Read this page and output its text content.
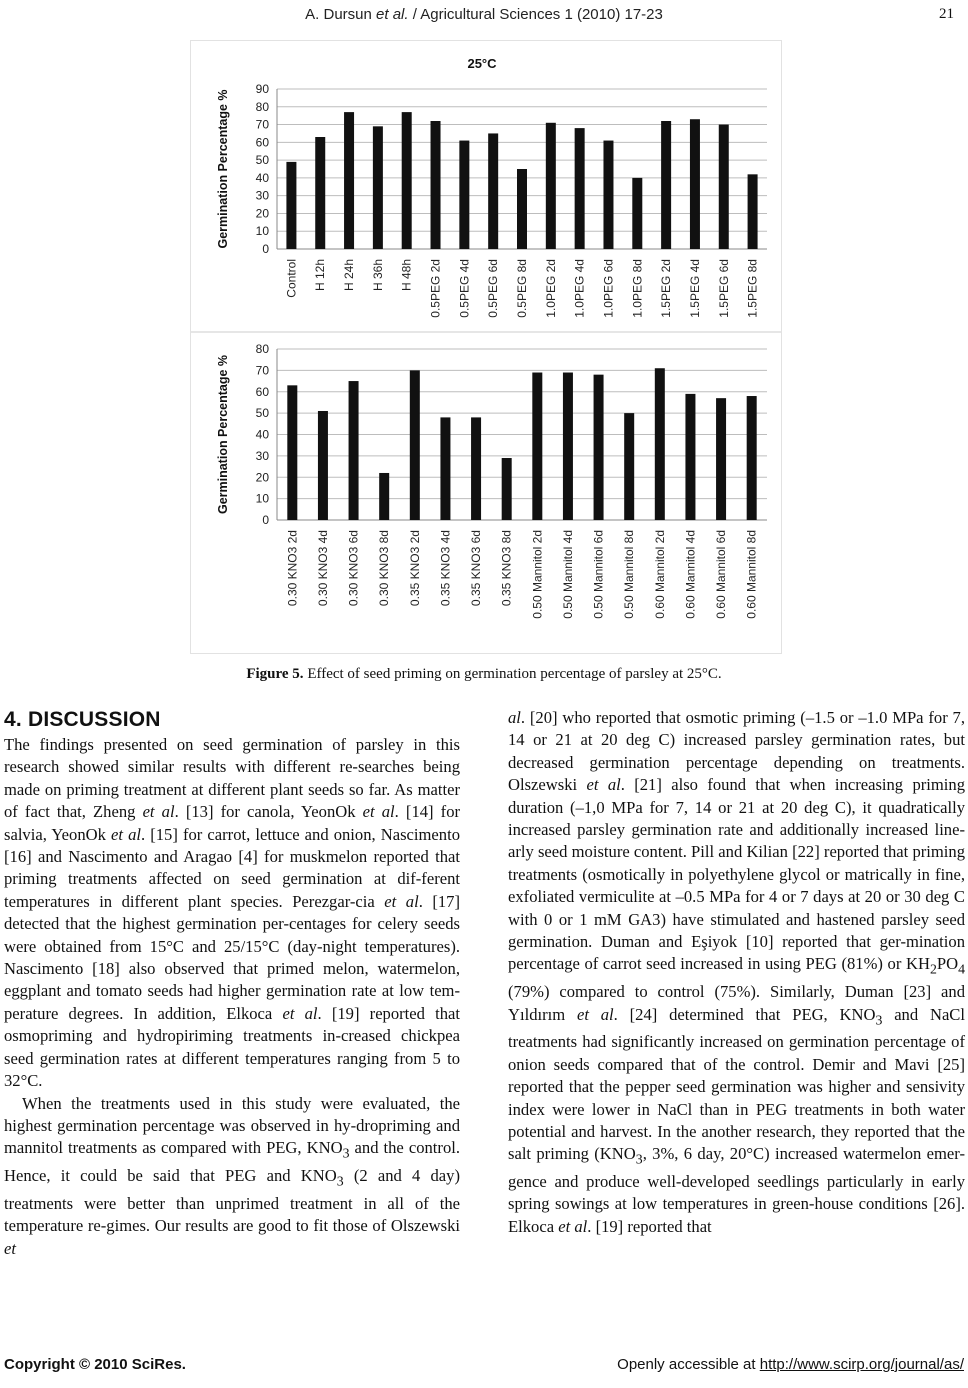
A. Dursun et al. / Agricultural Sciences 1 (2010) 17-23	21
0
10
20
30
40
50
60
70
80
90
25°C
Germination Percentage %
Control H 12h H 24h H 36h H 48h 0.5PEG 2d 0.5PEG 4d 0.5PEG 6d 0.5PEG 8d 1.0PEG 2d 1.0PEG 4d 1.0PEG 6d 1.0PEG 8d 1.5PEG 2d 1.5PEG 4d 1.5PEG 6d 1.5PEG 8d
0
10
20
30
40
50
60
70
80
Germination Percentage %
0.30 KNO3 2d 0.30 KNO3 4d 0.30 KNO3 6d 0.30 KNO3 8d 0.35 KNO3 2d 0.35 KNO3 4d 0.35 KNO3 6d 0.35 KNO3 8d 0.50 Mannitol 2d 0.50 Mannitol 4d 0.50 Mannitol 6d 0.50 Mannitol 8d 0.60 Mannitol 2d 0.60 Mannitol 4d 0.60 Mannitol 6d 0.60 Mannitol 8d
Figure 5. Effect of seed priming on germination percentage of parsley at 25°C.
4. DISCUSSION

The findings presented on seed germination of parsley in this research showed similar results with different re-searches being made on priming treatment at different plant seeds so far. As matter of fact that, Zheng et al. [13] for canola, YeonOk et al. [14] for salvia, YeonOk et al. [15] for carrot, lettuce and onion, Nascimento [16] and Nascimento and Aragao [4] for muskmelon reported that priming treatments affected on seed germination at dif-ferent temperatures in different plant species. Perezgar-cia et al. [17] detected that the highest germination per-centages for celery seeds were obtained from 15°C and 25/15°C (day-night temperatures). Nascimento [18] also observed that primed melon, watermelon, eggplant and tomato seeds had higher germination rate at low tem-perature degrees. In addition, Elkoca et al. [19] reported that osmopriming and hydropiriming treatments in-creased chickpea seed germination rates at different temperatures ranging from 5 to 32°C.

When the treatments used in this study were evaluated, the highest germination percentage was observed in hy-dropriming and mannitol treatments as compared with PEG, $KNO_3$ and the control. Hence, it could be said that PEG and $KNO_3$ (2 and 4 day) treatments were better than unprimed treatment in all of the temperature re-gimes. Our results are good to fit those of Olszewski et

al. [20] who reported that osmotic priming (–1.5 or –1.0 MPa for 7, 14 or 21 at 20 deg C) increased parsley germination rates, but decreased germination percentage depending on treatments. Olszewski et al. [21] also found that when increasing priming duration (–1,0 MPa for 7, 14 or 21 at 20 deg C), it quadratically increased parsley germination rate and additionally increased line-arly seed moisture content. Pill and Kilian [22] reported that priming treatments (osmotically in polyethylene glycol or matrically in fine, exfoliated vermiculite at –0.5 MPa for 4 or 7 days at 20 or 30 deg C with 0 or 1 mM GA3) have stimulated and hastened parsley seed germination. Duman and Eşiyok [10] reported that ger-mination percentage of carrot seed increased in using PEG (81%) or $KH_2PO_4$ (79%) compared to control (75%). Similarly, Duman [23] and Yıldırım et al. [24] determined that PEG, $KNO_3$ and NaCl treatments had significantly increased on germination percentage of onion seeds compared that of the control. Demir and Mavi [25] reported that the pepper seed germination was higher and sensivity index were lower in NaCl than in PEG treatments in both water potential and harvest. In the another research, they reported that the salt priming ($KNO_3$, 3%, 6 day, 20°C) increased watermelon emer-gence and produce well-developed seedlings particularly in early spring sowings at low temperatures in green-house conditions [26]. Elkoca et al. [19] reported that

Copyright © 2010 SciRes.	Openly accessible at http://www.scirp.org/journal/as/
